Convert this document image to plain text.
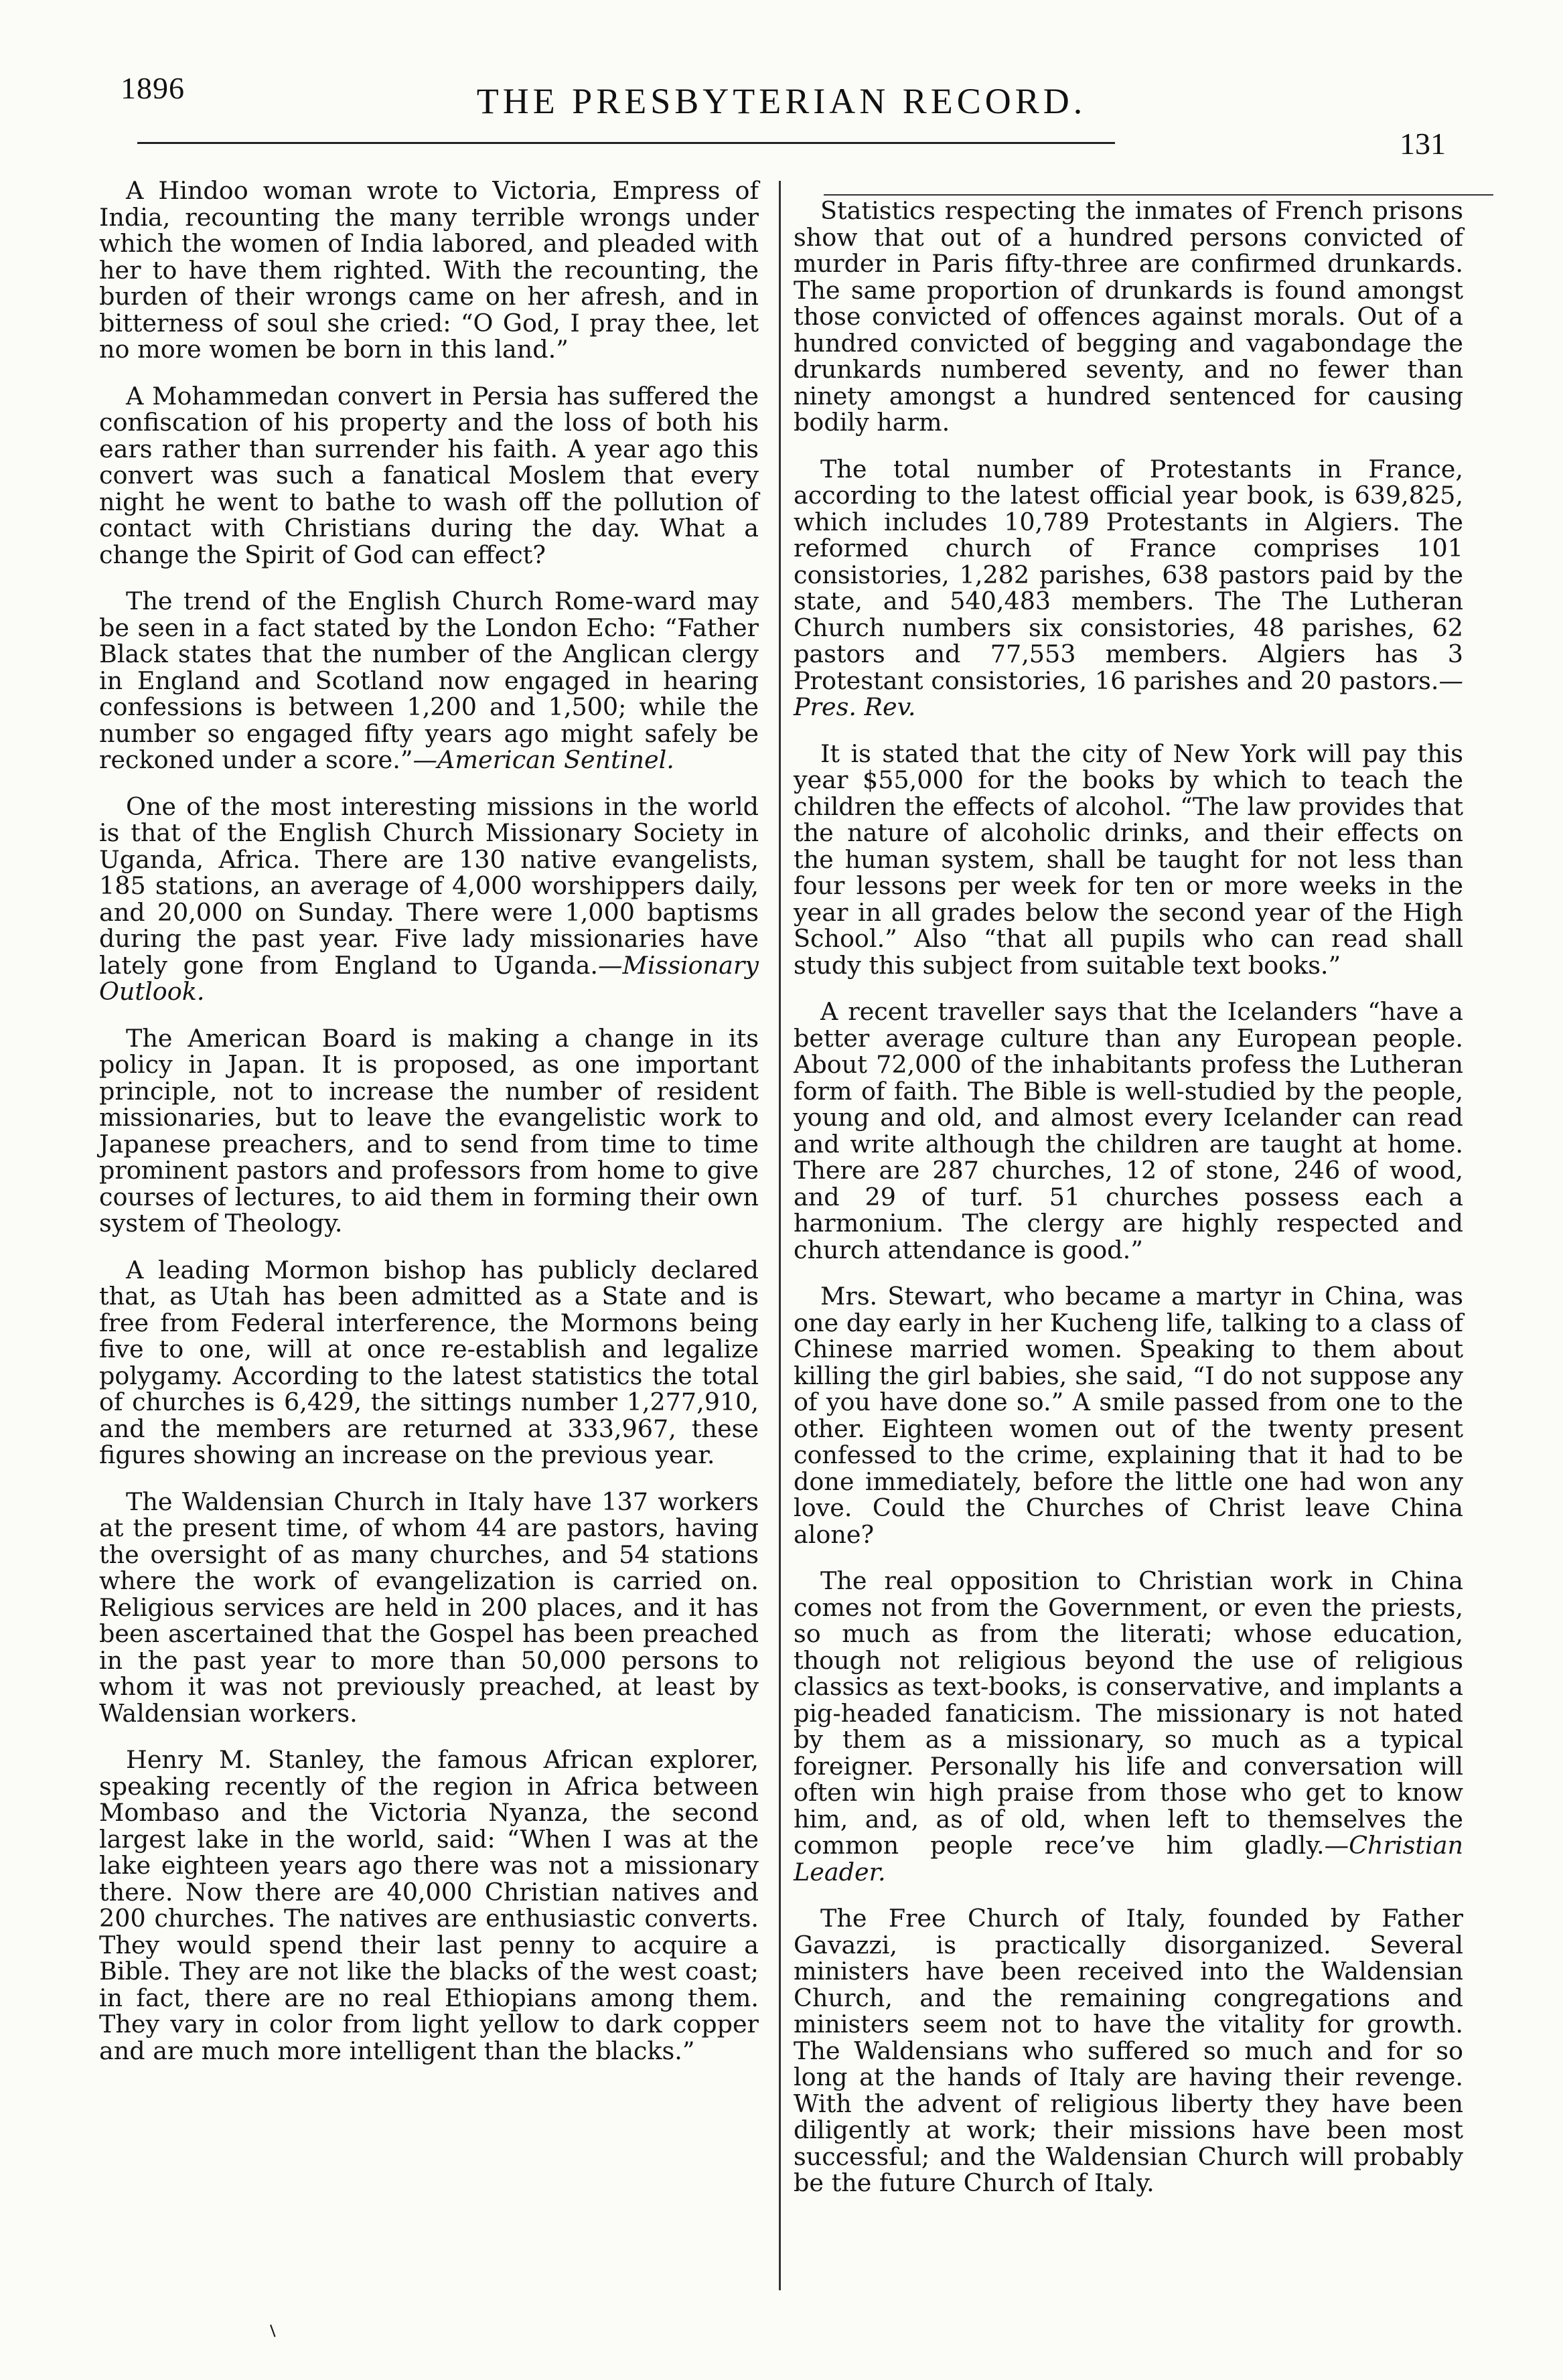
1896	THE PRESBYTERIAN RECORD.
131

A Hindoo woman wrote to Victoria, Empress of India, recounting the many terrible wrongs under which the women of India labored, and pleaded with her to have them righted. With the recounting, the burden of their wrongs came on her afresh, and in bitterness of soul she cried: “O God, I pray thee, let no more women be born in this land.”

A Mohammedan convert in Persia has suffered the confiscation of his property and the loss of both his ears rather than surrender his faith. A year ago this convert was such a fanatical Moslem that every night he went to bathe to wash off the pollution of contact with Christians during the day. What a change the Spirit of God can effect?

The trend of the English Church Rome-ward may be seen in a fact stated by the London Echo: “Father Black states that the number of the Anglican clergy in England and Scotland now engaged in hearing confessions is between 1,200 and 1,500; while the number so engaged fifty years ago might safely be reckoned under a score.”—American Sentinel.

One of the most interesting missions in the world is that of the English Church Missionary Society in Uganda, Africa. There are 130 native evangelists, 185 stations, an average of 4,000 worshippers daily, and 20,000 on Sunday. There were 1,000 baptisms during the past year. Five lady missionaries have lately gone from England to Uganda.—Missionary Outlook.

The American Board is making a change in its policy in Japan. It is proposed, as one important principle, not to increase the number of resident missionaries, but to leave the evangelistic work to Japanese preachers, and to send from time to time prominent pastors and professors from home to give courses of lectures, to aid them in forming their own system of Theology.

A leading Mormon bishop has publicly declared that, as Utah has been admitted as a State and is free from Federal interference, the Mormons being five to one, will at once re-establish and legalize polygamy. According to the latest statistics the total of churches is 6,429, the sittings number 1,277,910, and the members are returned at 333,967, these figures showing an increase on the previous year.

The Waldensian Church in Italy have 137 workers at the present time, of whom 44 are pastors, having the oversight of as many churches, and 54 stations where the work of evangelization is carried on. Religious services are held in 200 places, and it has been ascertained that the Gospel has been preached in the past year to more than 50,000 persons to whom it was not previously preached, at least by Waldensian workers.

Henry M. Stanley, the famous African explorer, speaking recently of the region in Africa between Mombaso and the Victoria Nyanza, the second largest lake in the world, said: “When I was at the lake eighteen years ago there was not a missionary there. Now there are 40,000 Christian natives and 200 churches. The natives are enthusiastic converts. They would spend their last penny to acquire a Bible. They are not like the blacks of the west coast; in fact, there are no real Ethiopians among them. They vary in color from light yellow to dark copper and are much more intelligent than the blacks.”

Statistics respecting the inmates of French prisons show that out of a hundred persons convicted of murder in Paris fifty-three are confirmed drunkards. The same proportion of drunkards is found amongst those convicted of offences against morals. Out of a hundred convicted of begging and vagabondage the drunkards numbered seventy, and no fewer than ninety amongst a hundred sentenced for causing bodily harm.

The total number of Protestants in France, according to the latest official year book, is 639,825, which includes 10,789 Protestants in Algiers. The reformed church of France comprises 101 consistories, 1,282 parishes, 638 pastors paid by the state, and 540,483 members. The The Lutheran Church numbers six consistories, 48 parishes, 62 pastors and 77,553 members. Algiers has 3 Protestant consistories, 16 parishes and 20 pastors.—Pres. Rev.

It is stated that the city of New York will pay this year $55,000 for the books by which to teach the children the effects of alcohol. “The law provides that the nature of alcoholic drinks, and their effects on the human system, shall be taught for not less than four lessons per week for ten or more weeks in the year in all grades below the second year of the High School.” Also “that all pupils who can read shall study this subject from suitable text books.”

A recent traveller says that the Icelanders “have a better average culture than any European people. About 72,000 of the inhabitants profess the Lutheran form of faith. The Bible is well-studied by the people, young and old, and almost every Icelander can read and write although the children are taught at home. There are 287 churches, 12 of stone, 246 of wood, and 29 of turf. 51 churches possess each a harmonium. The clergy are highly respected and church attendance is good.”

Mrs. Stewart, who became a martyr in China, was one day early in her Kucheng life, talking to a class of Chinese married women. Speaking to them about killing the girl babies, she said, “I do not suppose any of you have done so.” A smile passed from one to the other. Eighteen women out of the twenty present confessed to the crime, explaining that it had to be done immediately, before the little one had won any love. Could the Churches of Christ leave China alone?

The real opposition to Christian work in China comes not from the Government, or even the priests, so much as from the literati; whose education, though not religious beyond the use of religious classics as text-books, is conservative, and implants a pig-headed fanaticism. The missionary is not hated by them as a missionary, so much as a typical foreigner. Personally his life and conversation will often win high praise from those who get to know him, and, as of old, when left to themselves the common people rece’ve him gladly.—Christian Leader.

The Free Church of Italy, founded by Father Gavazzi, is practically disorganized. Several ministers have been received into the Waldensian Church, and the remaining congregations and ministers seem not to have the vitality for growth. The Waldensians who suffered so much and for so long at the hands of Italy are having their revenge. With the advent of religious liberty they have been diligently at work; their missions have been most successful; and the Waldensian Church will probably be the future Church of Italy.

⸌
